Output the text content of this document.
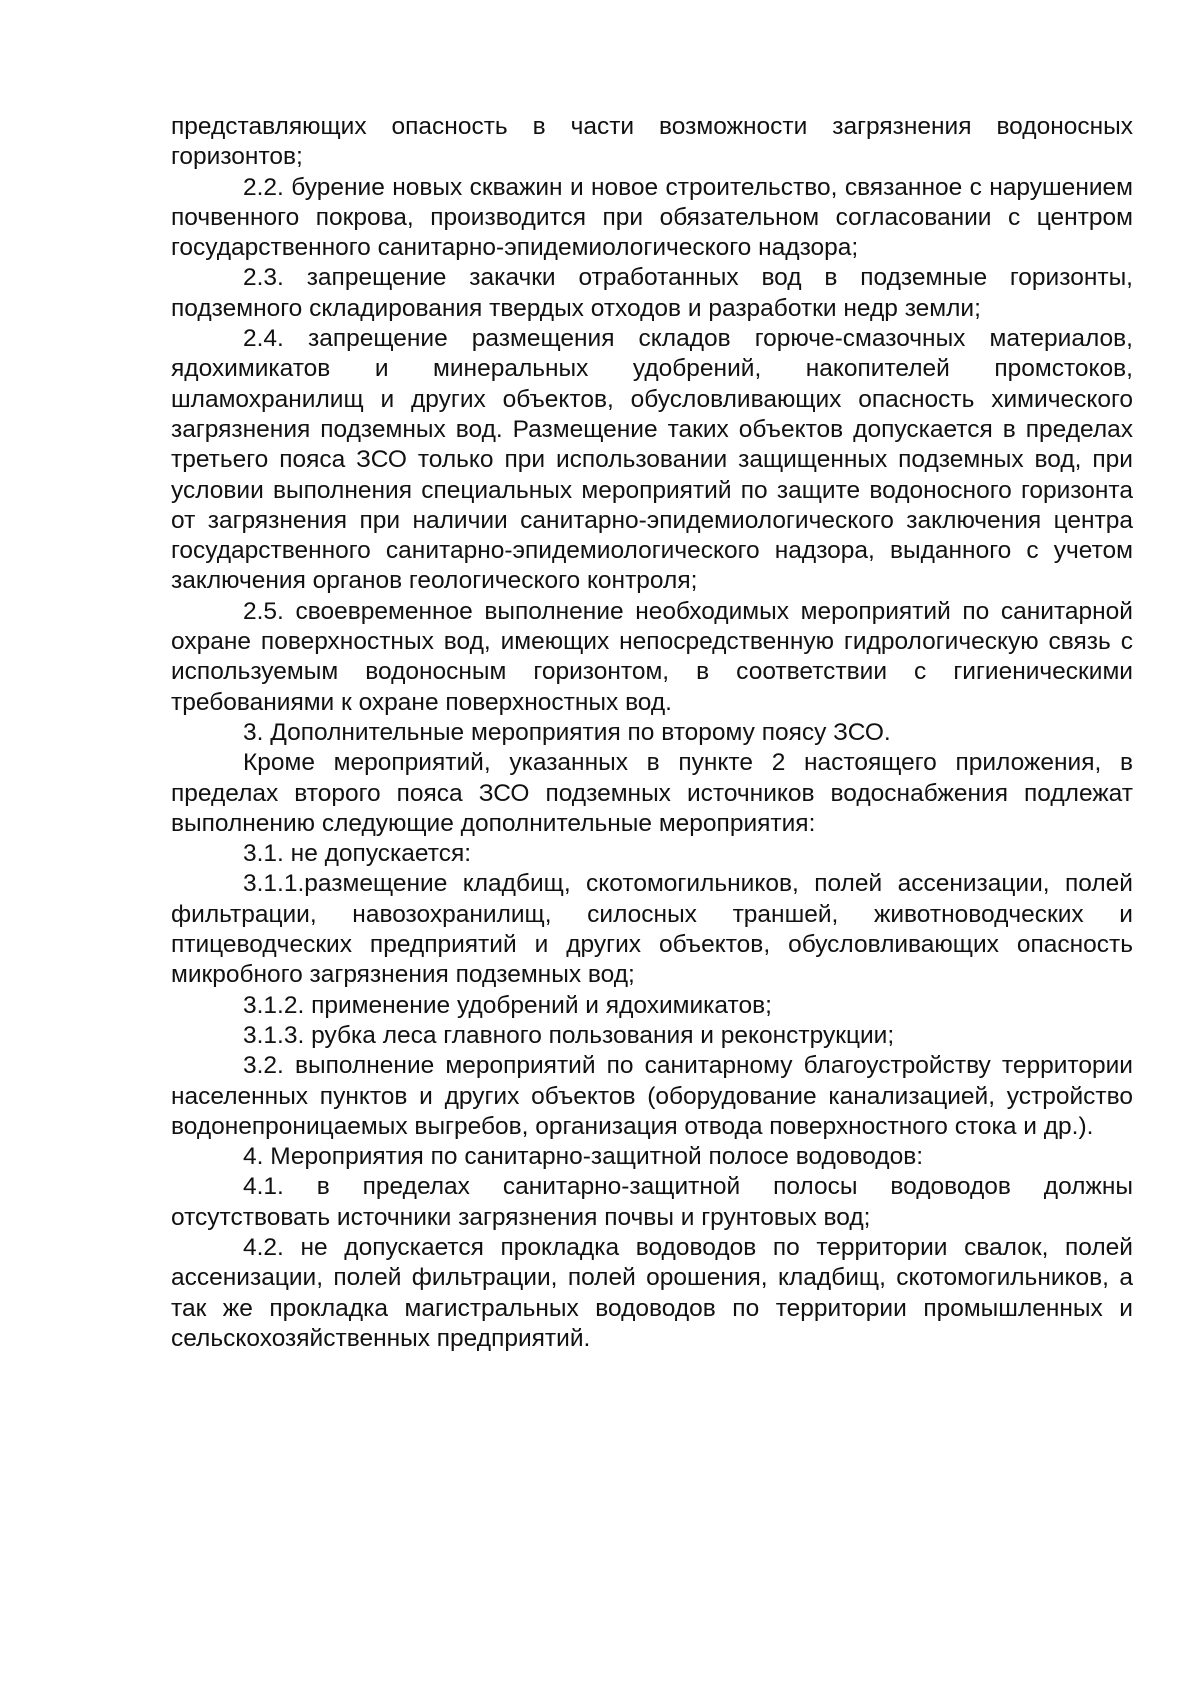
представляющих опасность в части возможности загрязнения водоносных горизонтов;

2.2. бурение новых скважин и новое строительство, связанное с нарушением почвенного покрова, производится при обязательном согласовании с центром государственного санитарно-эпидемиологического надзора;

2.3. запрещение закачки отработанных вод в подземные горизонты, подземного складирования твердых отходов и разработки недр земли;

2.4. запрещение размещения складов горюче-смазочных материалов, ядохимикатов и минеральных удобрений, накопителей промстоков, шламохранилищ и других объектов, обусловливающих опасность химического загрязнения подземных вод. Размещение таких объектов допускается в пределах третьего пояса ЗСО только при использовании защищенных подземных вод, при условии выполнения специальных мероприятий по защите водоносного горизонта от загрязнения при наличии санитарно-эпидемиологического заключения центра государственного санитарно-эпидемиологического надзора, выданного с учетом заключения органов геологического контроля;

2.5. своевременное выполнение необходимых мероприятий по санитарной охране поверхностных вод, имеющих непосредственную гидрологическую связь с используемым водоносным горизонтом, в соответствии с гигиеническими требованиями к охране поверхностных вод.

3. Дополнительные мероприятия по второму поясу ЗСО.

Кроме мероприятий, указанных в пункте 2 настоящего приложения, в пределах второго пояса ЗСО подземных источников водоснабжения подлежат выполнению следующие дополнительные мероприятия:

3.1. не допускается:

3.1.1.размещение кладбищ, скотомогильников, полей ассенизации, полей фильтрации, навозохранилищ, силосных траншей, животноводческих и птицеводческих предприятий и других объектов, обусловливающих опасность микробного загрязнения подземных вод;

3.1.2. применение удобрений и ядохимикатов;

3.1.3. рубка леса главного пользования и реконструкции;

3.2. выполнение мероприятий по санитарному благоустройству территории населенных пунктов и других объектов (оборудование канализацией, устройство водонепроницаемых выгребов, организация отвода поверхностного стока и др.).

4. Мероприятия по санитарно-защитной полосе водоводов:

4.1. в пределах санитарно-защитной полосы водоводов должны отсутствовать источники загрязнения почвы и грунтовых вод;

4.2. не допускается прокладка водоводов по территории свалок, полей ассенизации, полей фильтрации, полей орошения, кладбищ, скотомогильников, а так же прокладка магистральных водоводов по территории промышленных и сельскохозяйственных предприятий.
